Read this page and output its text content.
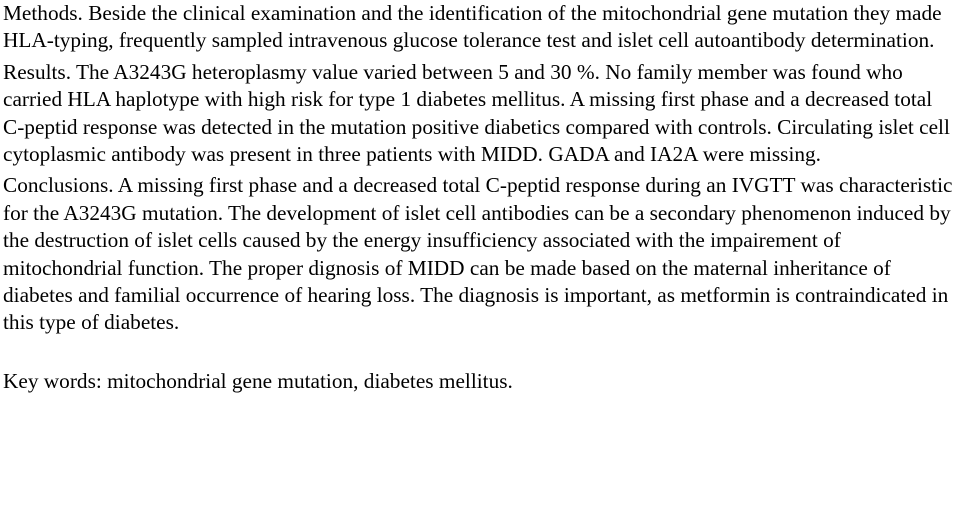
Methods. Beside the clinical examination and the identification of the mitochondrial gene mutation they made HLA-typing, frequently sampled intravenous glucose tolerance test and islet cell autoantibody determination.

Results. The A3243G heteroplasmy value varied between 5 and 30 %. No family member was found who carried HLA haplotype with high risk for type 1 diabetes mellitus. A missing first phase and a decreased total C-peptid response was detected in the mutation positive diabetics compared with controls. Circulating islet cell cytoplasmic antibody was present in three patients with MIDD. GADA and IA2A were missing.

Conclusions. A missing first phase and a decreased total C-peptid response during an IVGTT was characteristic for the A3243G mutation. The development of islet cell antibodies can be a secondary phenomenon induced by the destruction of islet cells caused by the energy insufficiency associated with the impairement of mitochondrial function. The proper dignosis of MIDD can be made based on the maternal inheritance of diabetes and familial occurrence of hearing loss. The diagnosis is important, as metformin is contraindicated in this type of diabetes.

Key words: mitochondrial gene mutation, diabetes mellitus.
